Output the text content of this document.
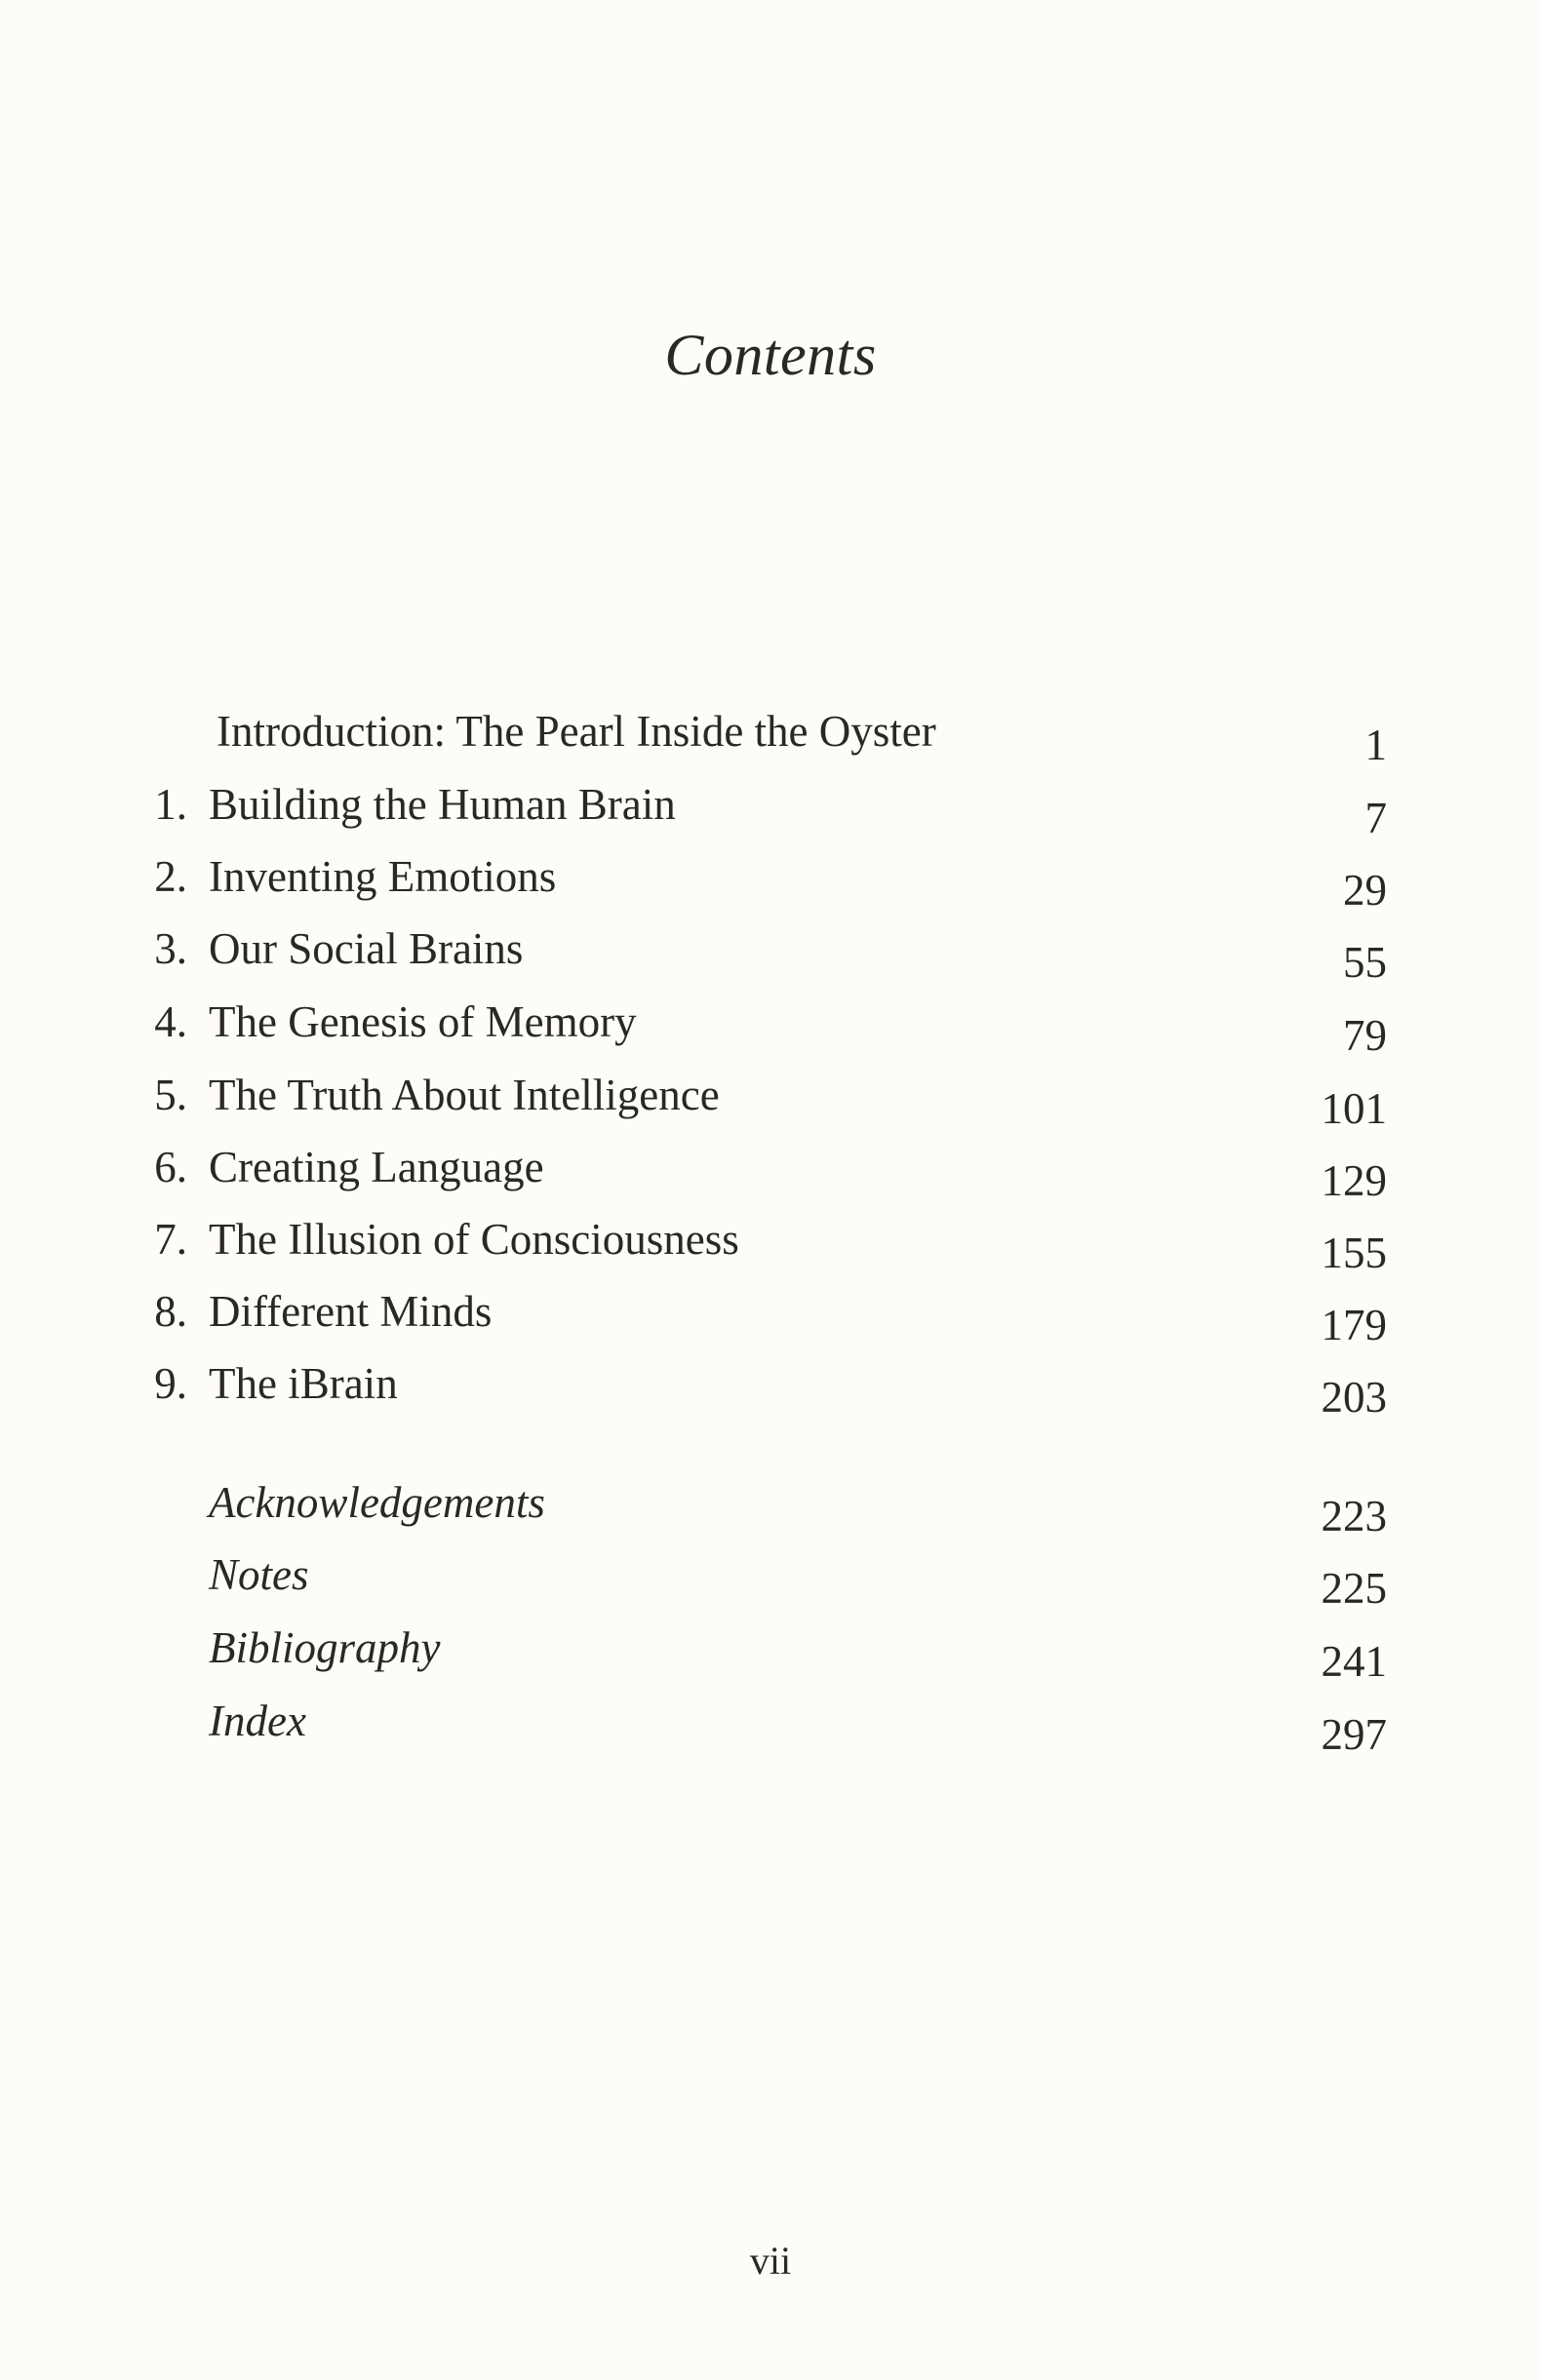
Contents
Introduction: The Pearl Inside the Oyster	1
1. Building the Human Brain	7
2. Inventing Emotions	29
3. Our Social Brains	55
4. The Genesis of Memory	79
5. The Truth About Intelligence	101
6. Creating Language	129
7. The Illusion of Consciousness	155
8. Different Minds	179
9. The iBrain	203
Acknowledgements	223
Notes	225
Bibliography	241
Index	297
vii
